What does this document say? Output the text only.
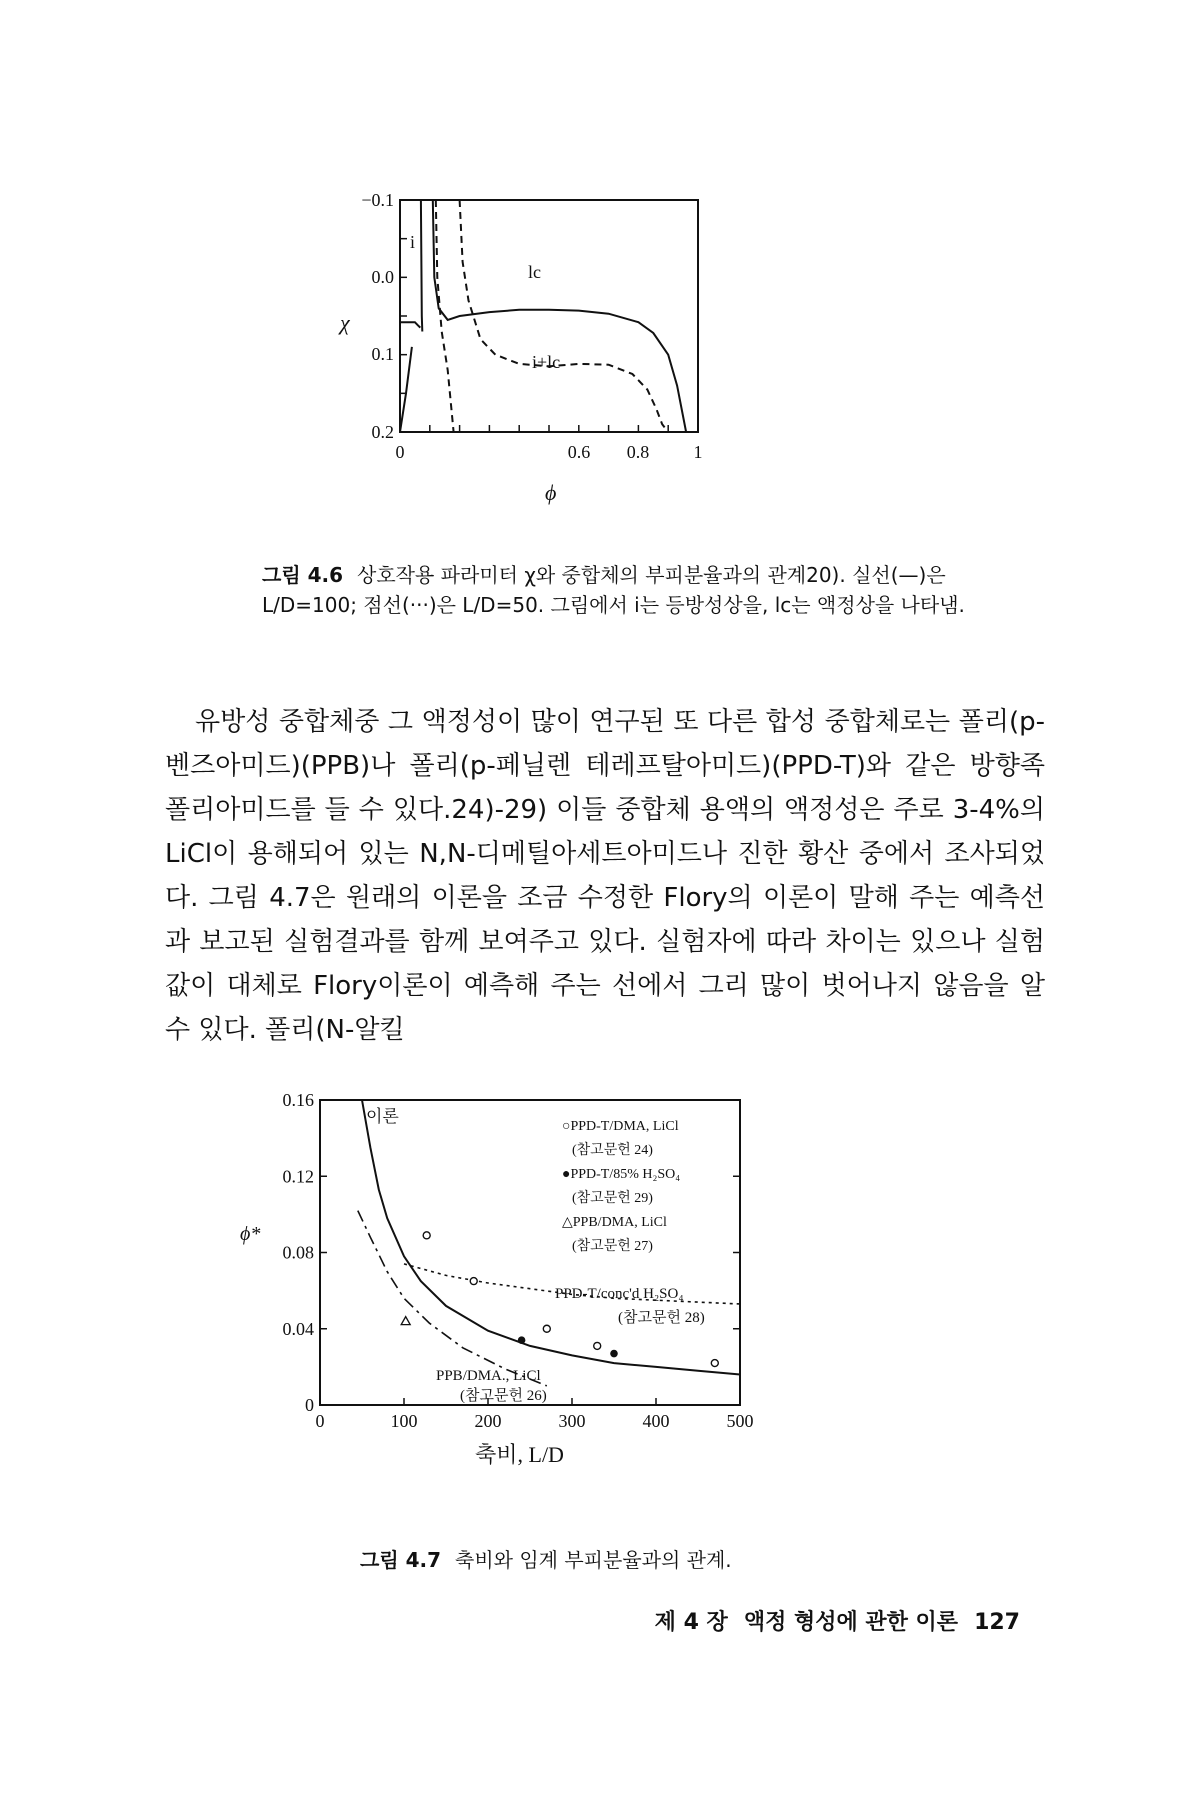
−0.1
0.0
0.1
0.2
0	0.6 0.8 1
χ
ϕ
i
lc
i+lc
그림 4.6 상호작용 파라미터 χ와 중합체의 부피분율과의 관계20). 실선(—)은 L/D=100; 점선(···)은 L/D=50. 그림에서 i는 등방성상을, lc는 액정상을 나타냄.

유방성 중합체중 그 액정성이 많이 연구된 또 다른 합성 중합체로는 폴리(p-벤즈아미드)(PPB)나 폴리(p-페닐렌 테레프탈아미드)(PPD-T)와 같은 방향족 폴리아미드를 들 수 있다.24)-29) 이들 중합체 용액의 액정성은 주로 3-4%의 LiCl이 용해되어 있는 N,N-디메틸아세트아미드나 진한 황산 중에서 조사되었다. 그림 4.7은 원래의 이론을 조금 수정한 Flory의 이론이 말해 주는 예측선과 보고된 실험결과를 함께 보여주고 있다. 실험자에 따라 차이는 있으나 실험값이 대체로 Flory이론이 예측해 주는 선에서 그리 많이 벗어나지 않음을 알 수 있다. 폴리(N-알킬

0	100	200	300	400	500
0
0.04
0.08
0.12
0.16
ϕ*
축비, L/D
이론
○PPD-T/DMA, LiCl
(참고문헌 24)
●PPD-T/85% H₂SO₄
(참고문헌 29)
△PPB/DMA, LiCl
(참고문헌 27)
PPD-T/conc'd H₂SO₄
(참고문헌 28)
PPB/DMA., LiCl
(참고문헌 26)
그림 4.7 축비와 임계 부피분율과의 관계.
제 4 장 액정 형성에 관한 이론 127
